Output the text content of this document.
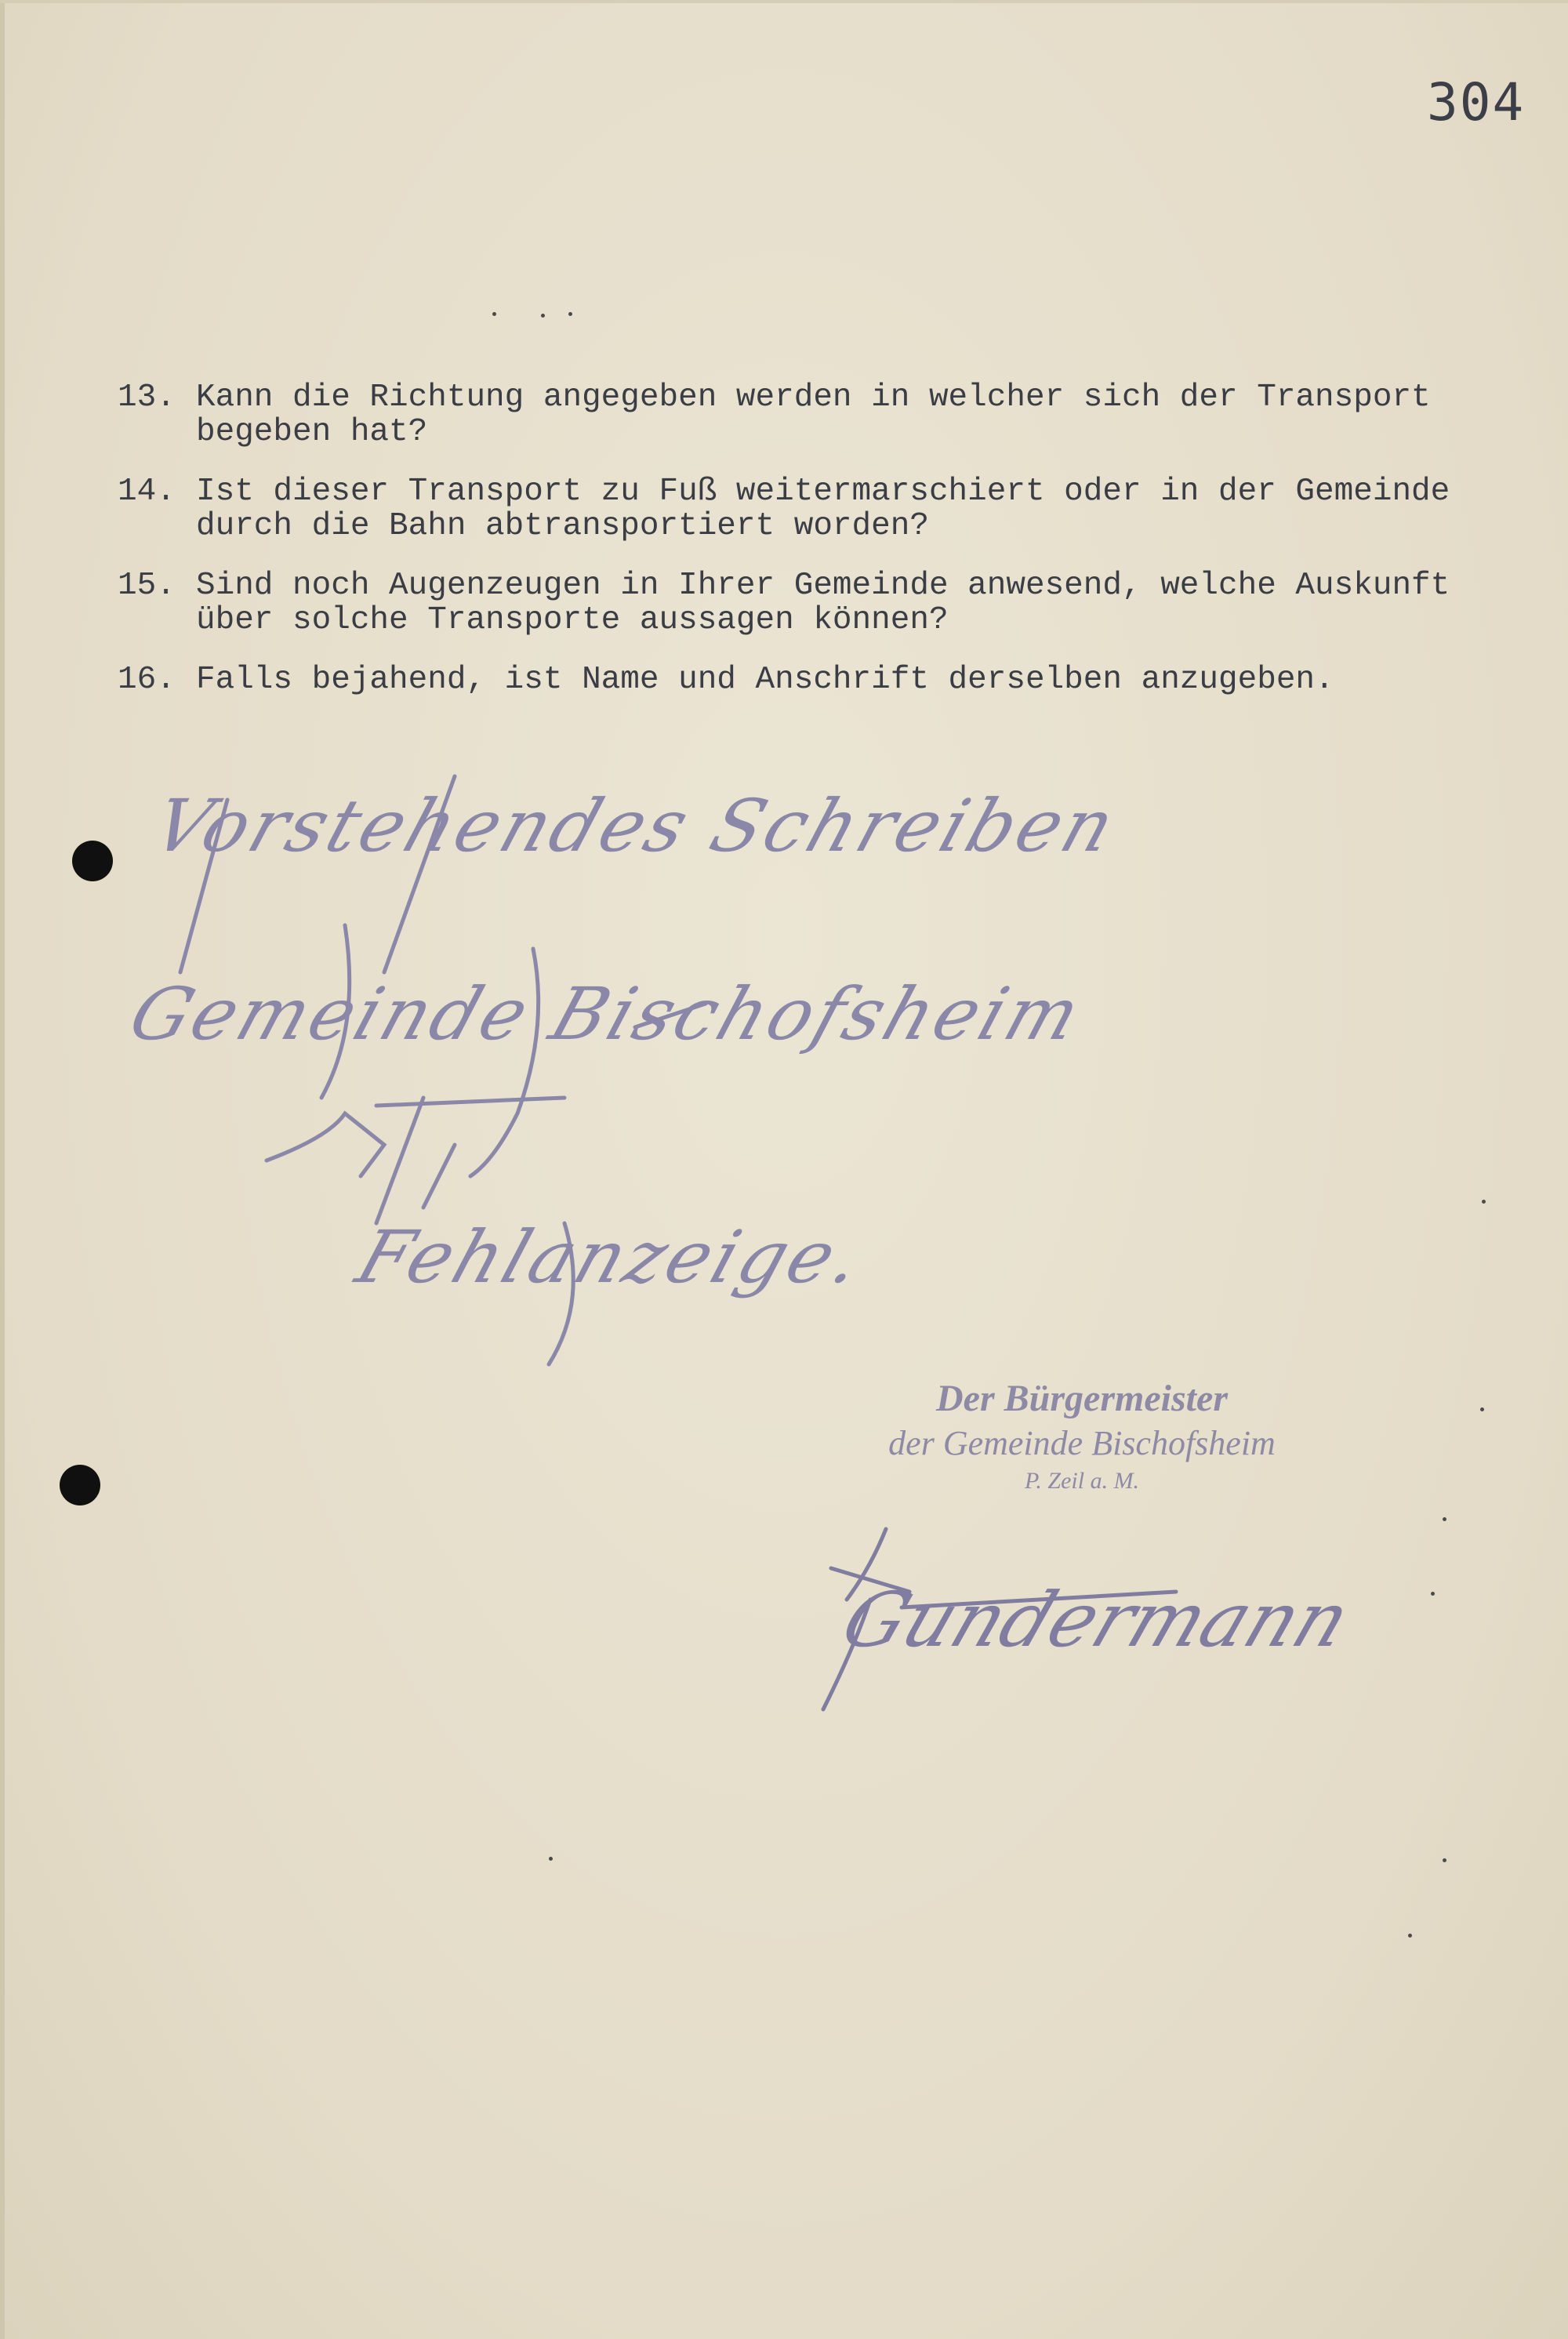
304
13. Kann die Richtung angegeben werden in welcher sich der Transport begeben hat?
14. Ist dieser Transport zu Fuß weitermarschiert oder in der Gemeinde durch die Bahn abtransportiert worden?
15. Sind noch Augenzeugen in Ihrer Gemeinde anwesend, welche Auskunft über solche Transporte aussagen können?
16. Falls bejahend, ist Name und Anschrift derselben anzugeben.
Vorstehendes Schreiben
Gemeinde Bischofsheim
Fehlanzeige.
Der Bürgermeister
der Gemeinde Bischofsheim
P. Zeil a. M.
Gundermann
